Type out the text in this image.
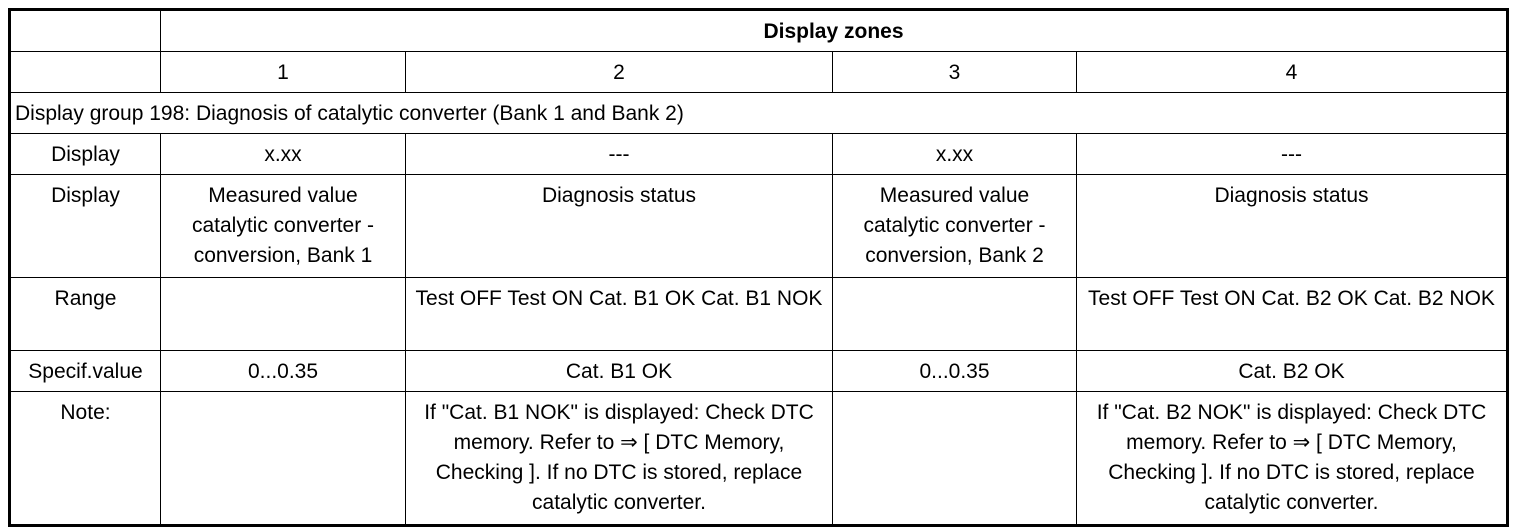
	Display zones			
	1	2	3	4
Display group 198: Diagnosis of catalytic converter (Bank 1 and Bank 2)				
Display	x.xx	---	x.xx	---
Display	Measured value catalytic converter - conversion, Bank 1	Diagnosis status	Measured value catalytic converter - conversion, Bank 2	Diagnosis status
Range		Test OFF Test ON Cat. B1 OK Cat. B1 NOK		Test OFF Test ON Cat. B2 OK Cat. B2 NOK
Specif.value	0...0.35	Cat. B1 OK	0...0.35	Cat. B2 OK
Note:		If "Cat. B1 NOK" is displayed: Check DTC memory. Refer to ⇒ [ DTC Memory, Checking ]. If no DTC is stored, replace catalytic converter.		If "Cat. B2 NOK" is displayed: Check DTC memory. Refer to ⇒ [ DTC Memory, Checking ]. If no DTC is stored, replace catalytic converter.
